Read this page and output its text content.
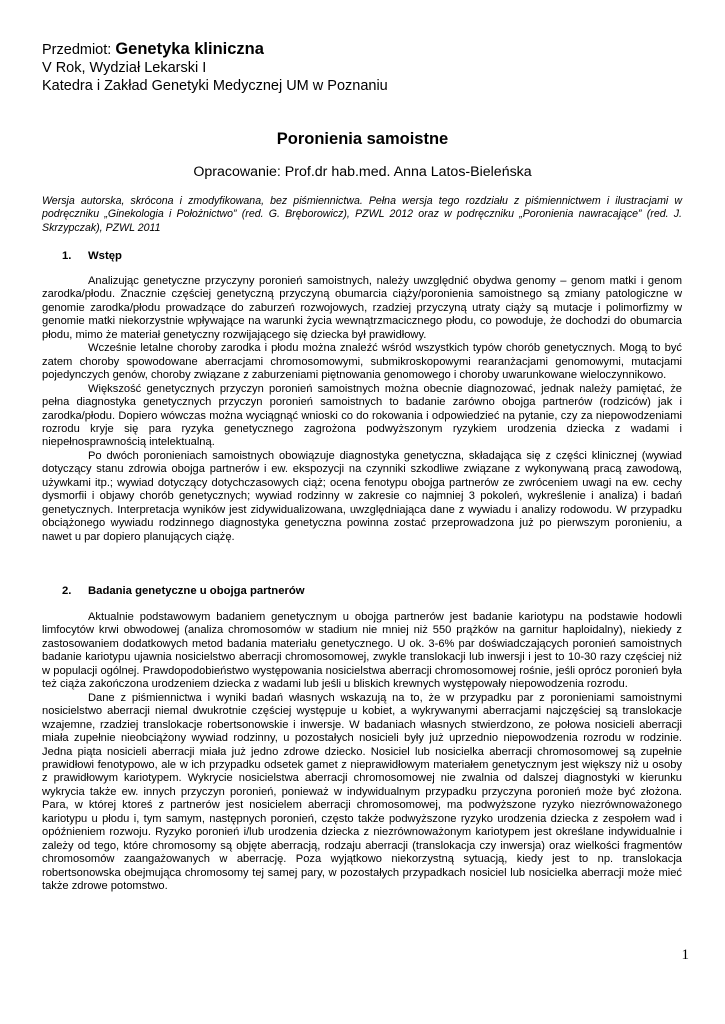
Przedmiot: Genetyka kliniczna
V Rok, Wydział Lekarski I
Katedra i Zakład Genetyki Medycznej UM w Poznaniu
Poronienia samoistne
Opracowanie: Prof.dr hab.med. Anna Latos-Bieleńska
Wersja autorska, skrócona i zmodyfikowana, bez piśmiennictwa. Pełna wersja tego rozdziału z piśmiennictwem i ilustracjami w podręczniku „Ginekologia i Położnictwo” (red. G. Bręborowicz), PZWL 2012 oraz w podręczniku „Poronienia nawracające” (red. J. Skrzypczak), PZWL 2011
1. Wstęp

Analizując genetyczne przyczyny poronień samoistnych, należy uwzględnić obydwa genomy – genom matki i genom zarodka/płodu. Znacznie częściej genetyczną przyczyną obumarcia ciąży/poronienia samoistnego są zmiany patologiczne w genomie zarodka/płodu prowadzące do zaburzeń rozwojowych, rzadziej przyczyną utraty ciąży są mutacje i polimorfizmy w genomie matki niekorzystnie wpływające na warunki życia wewnątrzmacicznego płodu, co powoduje, że dochodzi do obumarcia płodu, mimo że materiał genetyczny rozwijającego się dziecka był prawidłowy.

Wcześnie letalne choroby zarodka i płodu można znaleźć wśród wszystkich typów chorób genetycznych. Mogą to być zatem choroby spowodowane aberracjami chromosomowymi, submikroskopowymi rearanżacjami genomowymi, mutacjami pojedynczych genów, choroby związane z zaburzeniami piętnowania genomowego i choroby uwarunkowane wieloczynnikowo.

Większość genetycznych przyczyn poronień samoistnych można obecnie diagnozować, jednak należy pamiętać, że pełna diagnostyka genetycznych przyczyn poronień samoistnych to badanie zarówno obojga partnerów (rodziców) jak i zarodka/płodu. Dopiero wówczas można wyciągnąć wnioski co do rokowania i odpowiedzieć na pytanie, czy za niepowodzeniami rozrodu kryje się para ryzyka genetycznego zagrożona podwyższonym ryzykiem urodzenia dziecka z wadami i niepełnosprawnością intelektualną.

Po dwóch poronieniach samoistnych obowiązuje diagnostyka genetyczna, składająca się z części klinicznej (wywiad dotyczący stanu zdrowia obojga partnerów i ew. ekspozycji na czynniki szkodliwe związane z wykonywaną pracą zawodową, używkami itp.; wywiad dotyczący dotychczasowych ciąż; ocena fenotypu obojga partnerów ze zwróceniem uwagi na ew. cechy dysmorfii i objawy chorób genetycznych; wywiad rodzinny w zakresie co najmniej 3 pokoleń, wykreślenie i analiza) i badań genetycznych. Interpretacja wyników jest zidywidualizowana, uwzględniająca dane z wywiadu i analizy rodowodu. W przypadku obciążonego wywiadu rodzinnego diagnostyka genetyczna powinna zostać przeprowadzona już po pierwszym poronieniu, a nawet u par dopiero planujących ciążę.

2. Badania genetyczne u obojga partnerów

Aktualnie podstawowym badaniem genetycznym u obojga partnerów jest badanie kariotypu na podstawie hodowli limfocytów krwi obwodowej (analiza chromosomów w stadium nie mniej niż 550 prążków na garnitur haploidalny), niekiedy z zastosowaniem dodatkowych metod badania materiału genetycznego. U ok. 3-6% par doświadczających poronień samoistnych badanie kariotypu ujawnia nosicielstwo aberracji chromosomowej, zwykle translokacji lub inwersji i jest to 10-30 razy częściej niż w populacji ogólnej. Prawdopodobieństwo występowania nosicielstwa aberracji chromosomowej rośnie, jeśli oprócz poronień była też ciąża zakończona urodzeniem dziecka z wadami lub jeśli u bliskich krewnych występowały niepowodzenia rozrodu.

Dane z piśmiennictwa i wyniki badań własnych wskazują na to, że w przypadku par z poronieniami samoistnymi nosicielstwo aberracji niemal dwukrotnie częściej występuje u kobiet, a wykrywanymi aberracjami najczęściej są translokacje wzajemne, rzadziej translokacje robertsonowskie i inwersje. W badaniach własnych stwierdzono, ze połowa nosicieli aberracji miała zupełnie nieobciążony wywiad rodzinny, u pozostałych nosicieli były już uprzednio niepowodzenia rozrodu w rodzinie. Jedna piąta nosicieli aberracji miała już jedno zdrowe dziecko. Nosiciel lub nosicielka aberracji chromosomowej są zupełnie prawidłowi fenotypowo, ale w ich przypadku odsetek gamet z nieprawidłowym materiałem genetycznym jest większy niż u osoby z prawidłowym kariotypem. Wykrycie nosicielstwa aberracji chromosomowej nie zwalnia od dalszej diagnostyki w kierunku wykrycia także ew. innych przyczyn poronień, ponieważ w indywidualnym przypadku przyczyna poronień może być złożona. Para, w której ktoreś z partnerów jest nosicielem aberracji chromosomowej, ma podwyższone ryzyko niezrównoważonego kariotypu u płodu i, tym samym, następnych poronień, często także podwyższone ryzyko urodzenia dziecka z zespołem wad i opóźnieniem rozwoju. Ryzyko poronień i/lub urodzenia dziecka z niezrównoważonym kariotypem jest określane indywidualnie i zależy od tego, które chromosomy są objęte aberracją, rodzaju aberracji (translokacja czy inwersja) oraz wielkości fragmentów chromosomów zaangażowanych w aberrację. Poza wyjątkowo niekorzystną sytuacją, kiedy jest to np. translokacja robertsonowska obejmująca chromosomy tej samej pary, w pozostałych przypadkach nosiciel lub nosicielka aberracji może mieć także zdrowe potomstwo.

1
